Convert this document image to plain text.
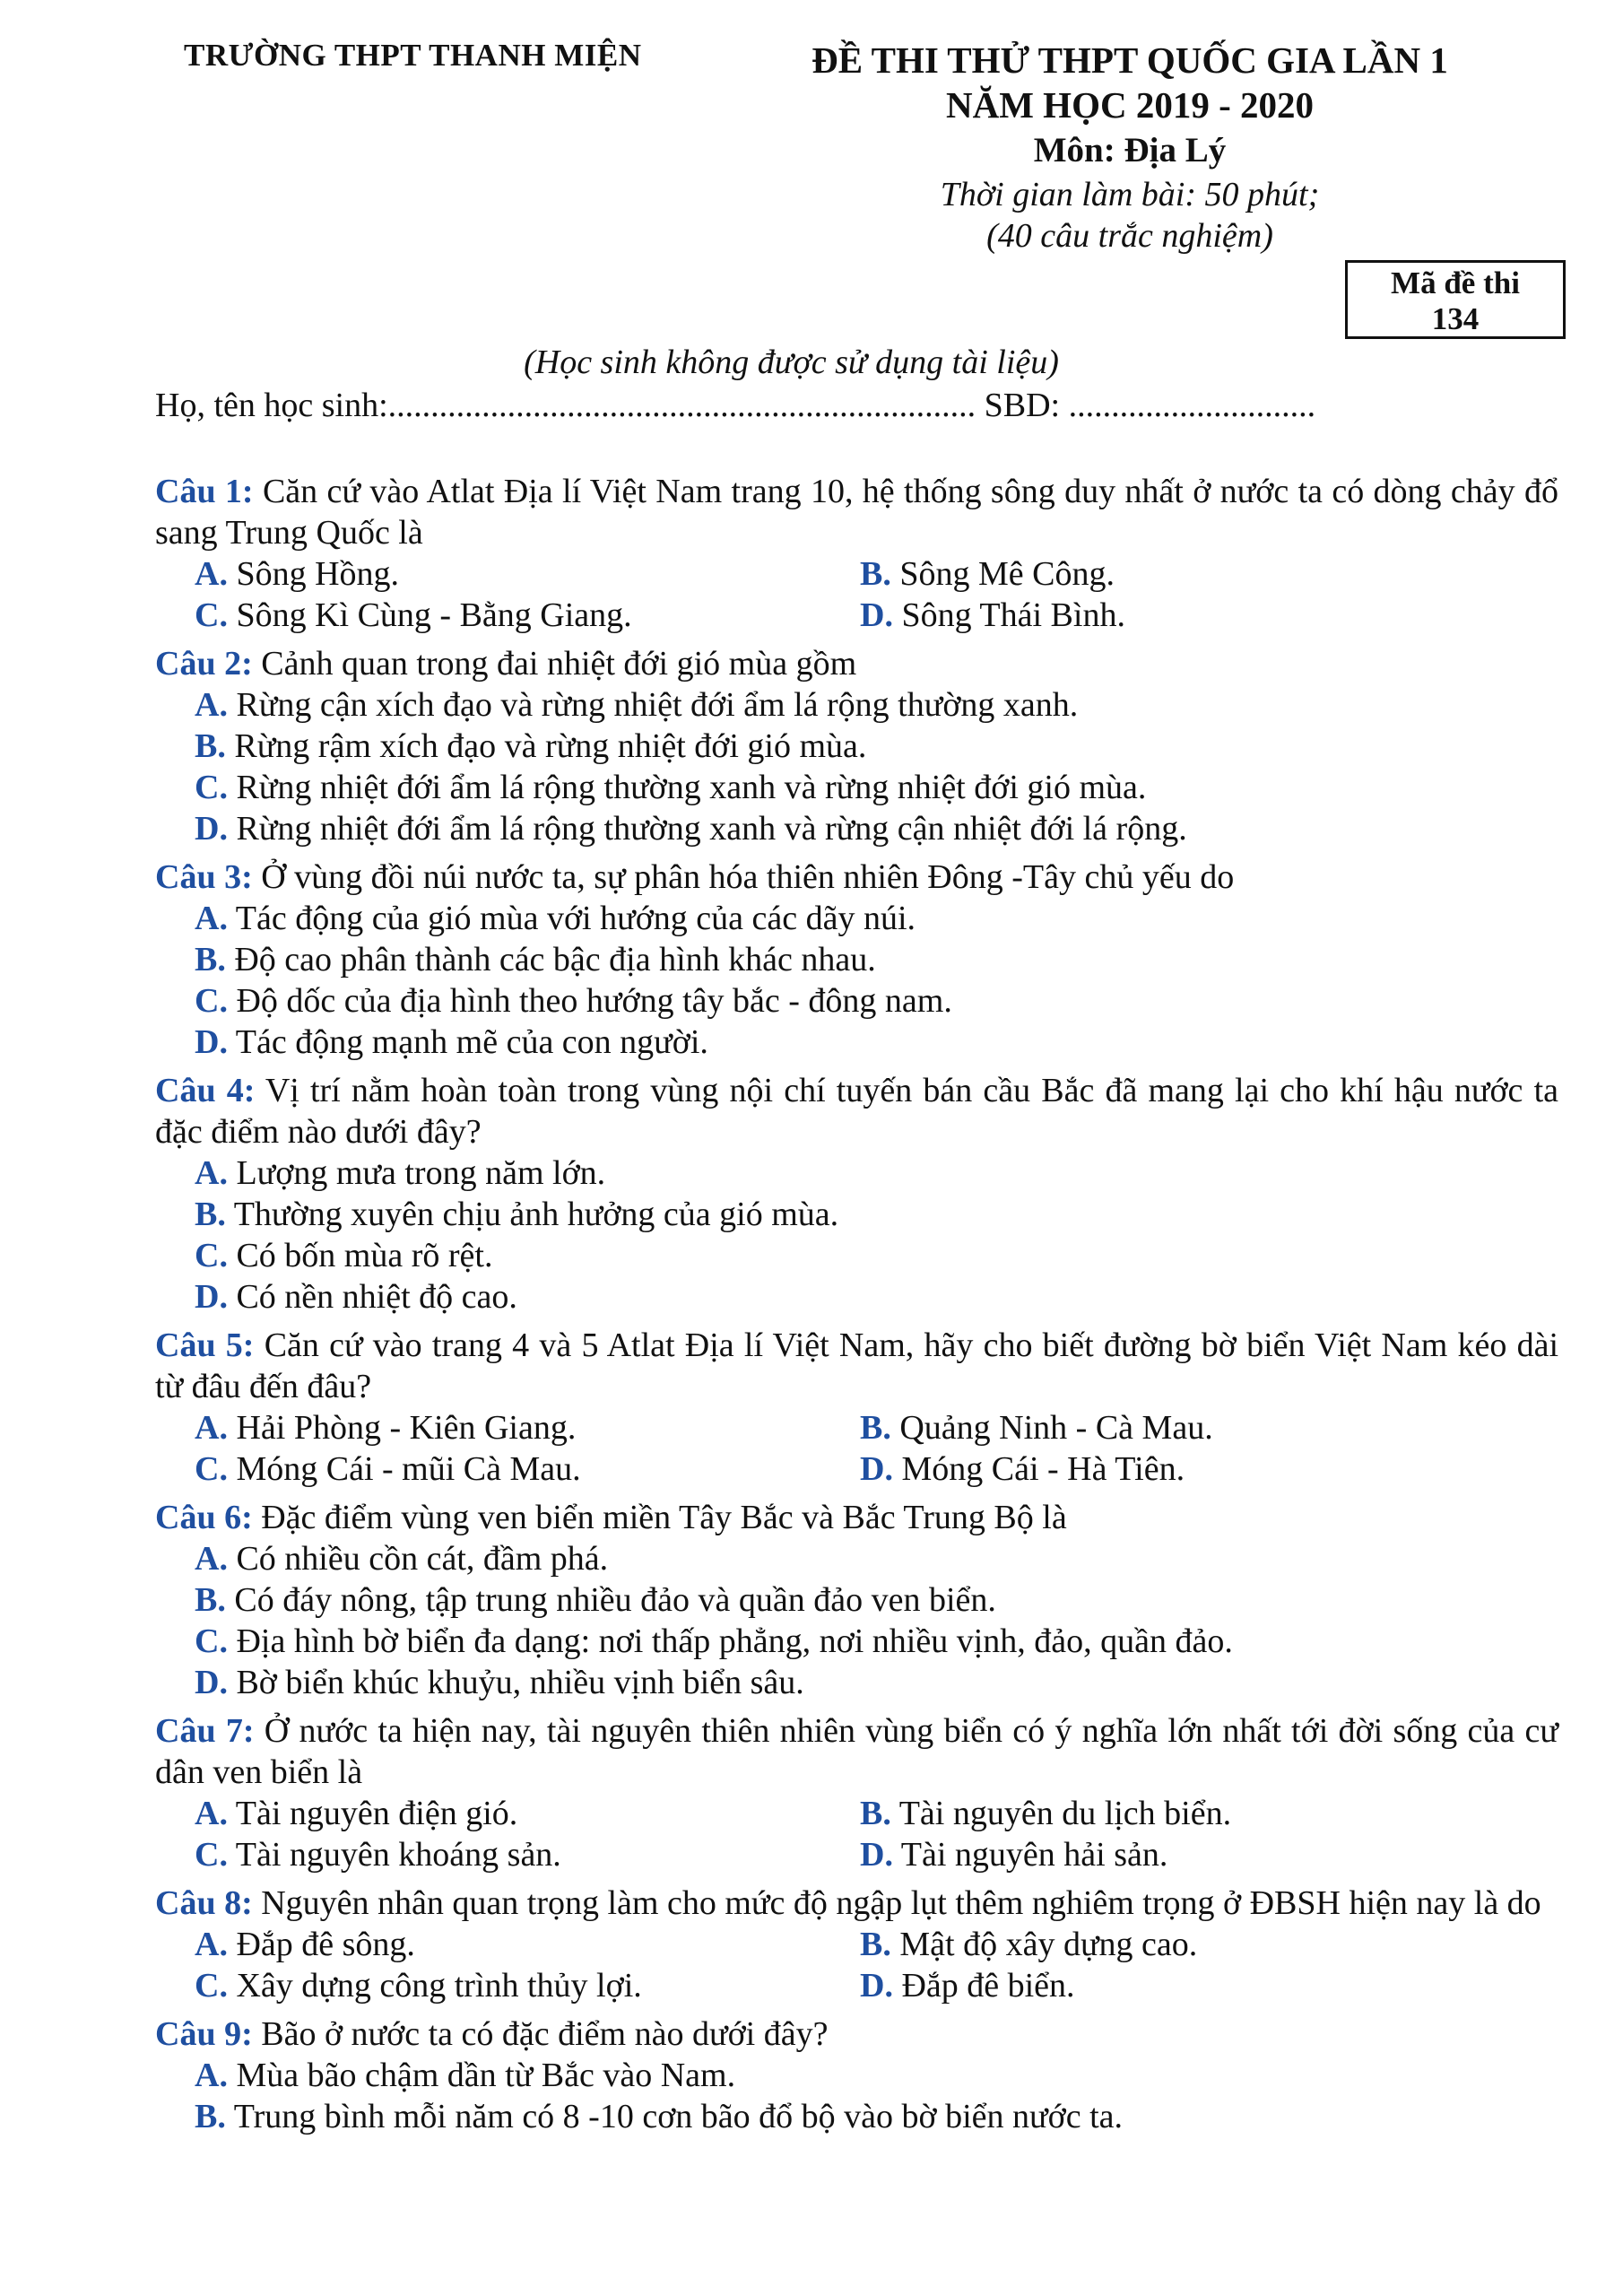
TRƯỜNG THPT THANH MIỆN	ĐỀ THI THỬ THPT QUỐC GIA LẦN 1
NĂM HỌC 2019 - 2020
Môn: Địa Lý
Thời gian làm bài: 50 phút;
(40 câu trắc nghiệm)
Mã đề thi
134
(Học sinh không được sử dụng tài liệu)
Họ, tên học sinh:..................................................................... SBD: .............................
Câu 1: Căn cứ vào Atlat Địa lí Việt Nam trang 10, hệ thống sông duy nhất ở nước ta có dòng chảy đổ sang Trung Quốc là
A. Sông Hồng.	B. Sông Mê Công.
C. Sông Kì Cùng - Bằng Giang.	D. Sông Thái Bình.
Câu 2: Cảnh quan trong đai nhiệt đới gió mùa gồm
A. Rừng cận xích đạo và rừng nhiệt đới ẩm lá rộng thường xanh.
B. Rừng rậm xích đạo và rừng nhiệt đới gió mùa.
C. Rừng nhiệt đới ẩm lá rộng thường xanh và rừng nhiệt đới gió mùa.
D. Rừng nhiệt đới ẩm lá rộng thường xanh và rừng cận nhiệt đới lá rộng.
Câu 3: Ở vùng đồi núi nước ta, sự phân hóa thiên nhiên Đông -Tây chủ yếu do
A. Tác động của gió mùa với hướng của các dãy núi.
B. Độ cao phân thành các bậc địa hình khác nhau.
C. Độ dốc của địa hình theo hướng tây bắc - đông nam.
D. Tác động mạnh mẽ của con người.
Câu 4: Vị trí nằm hoàn toàn trong vùng nội chí tuyến bán cầu Bắc đã mang lại cho khí hậu nước ta đặc điểm nào dưới đây?
A. Lượng mưa trong năm lớn.
B. Thường xuyên chịu ảnh hưởng của gió mùa.
C. Có bốn mùa rõ rệt.
D. Có nền nhiệt độ cao.
Câu 5: Căn cứ vào trang 4 và 5 Atlat Địa lí Việt Nam, hãy cho biết đường bờ biển Việt Nam kéo dài từ đâu đến đâu?
A. Hải Phòng - Kiên Giang.	B. Quảng Ninh - Cà Mau.
C. Móng Cái - mũi Cà Mau.	D. Móng Cái - Hà Tiên.
Câu 6: Đặc điểm vùng ven biển miền Tây Bắc và Bắc Trung Bộ là
A. Có nhiều cồn cát, đầm phá.
B. Có đáy nông, tập trung nhiều đảo và quần đảo ven biển.
C. Địa hình bờ biển đa dạng: nơi thấp phẳng, nơi nhiều vịnh, đảo, quần đảo.
D. Bờ biển khúc khuỷu, nhiều vịnh biển sâu.
Câu 7: Ở nước ta hiện nay, tài nguyên thiên nhiên vùng biển có ý nghĩa lớn nhất tới đời sống của cư dân ven biển là
A. Tài nguyên điện gió.	B. Tài nguyên du lịch biển.
C. Tài nguyên khoáng sản.	D. Tài nguyên hải sản.
Câu 8: Nguyên nhân quan trọng làm cho mức độ ngập lụt thêm nghiêm trọng ở ĐBSH hiện nay là do
A. Đắp đê sông.	B. Mật độ xây dựng cao.
C. Xây dựng công trình thủy lợi.	D. Đắp đê biển.
Câu 9: Bão ở nước ta có đặc điểm nào dưới đây?
A. Mùa bão chậm dần từ Bắc vào Nam.
B. Trung bình mỗi năm có 8 -10 cơn bão đổ bộ vào bờ biển nước ta.
